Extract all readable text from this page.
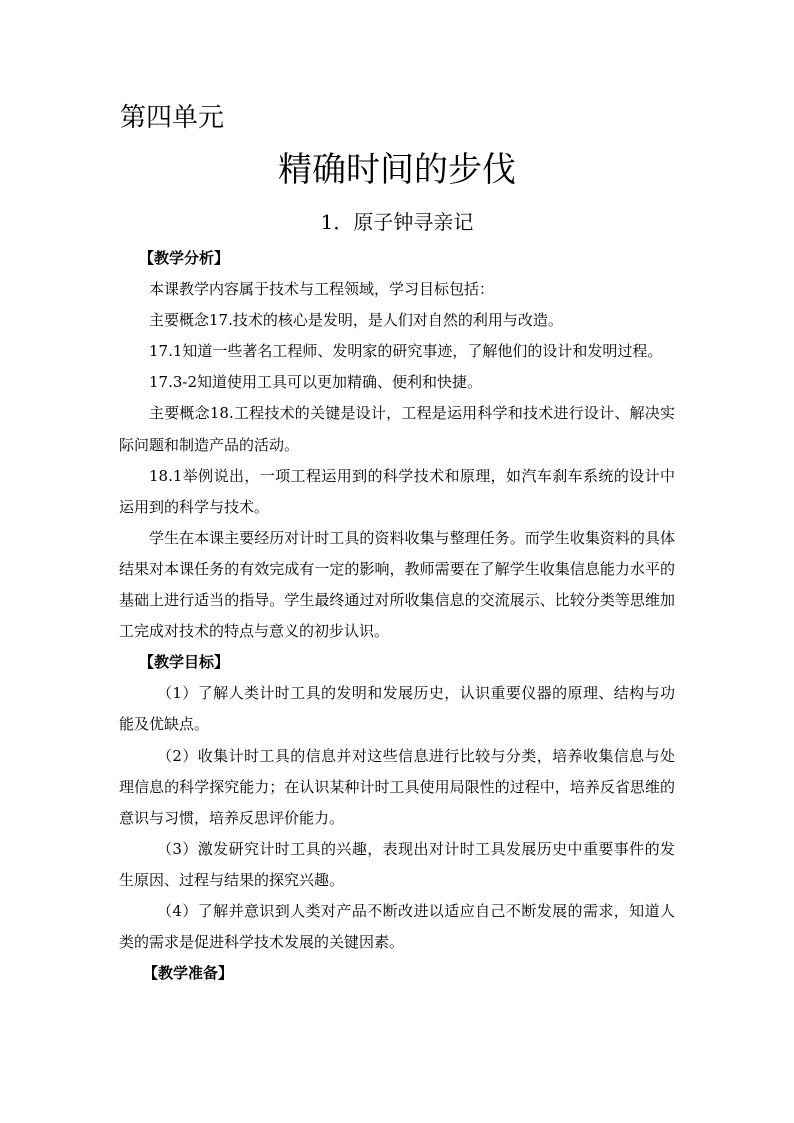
第四单元
精确时间的步伐
1．原子钟寻亲记

【教学分析】

本课教学内容属于技术与工程领域，学习目标包括：

主要概念17.技术的核心是发明，是人们对自然的利用与改造。

17.1知道一些著名工程师、发明家的研究事迹，了解他们的设计和发明过程。

17.3-2知道使用工具可以更加精确、便利和快捷。

主要概念18.工程技术的关键是设计，工程是运用科学和技术进行设计、解决实际问题和制造产品的活动。

18.1举例说出，一项工程运用到的科学技术和原理，如汽车刹车系统的设计中运用到的科学与技术。

学生在本课主要经历对计时工具的资料收集与整理任务。而学生收集资料的具体结果对本课任务的有效完成有一定的影响，教师需要在了解学生收集信息能力水平的基础上进行适当的指导。学生最终通过对所收集信息的交流展示、比较分类等思维加工完成对技术的特点与意义的初步认识。

【教学目标】

（1）了解人类计时工具的发明和发展历史，认识重要仪器的原理、结构与功能及优缺点。

（2）收集计时工具的信息并对这些信息进行比较与分类，培养收集信息与处理信息的科学探究能力；在认识某种计时工具使用局限性的过程中，培养反省思维的意识与习惯，培养反思评价能力。

（3）激发研究计时工具的兴趣，表现出对计时工具发展历史中重要事件的发生原因、过程与结果的探究兴趣。

（4）了解并意识到人类对产品不断改进以适应自己不断发展的需求，知道人类的需求是促进科学技术发展的关键因素。

【教学准备】
